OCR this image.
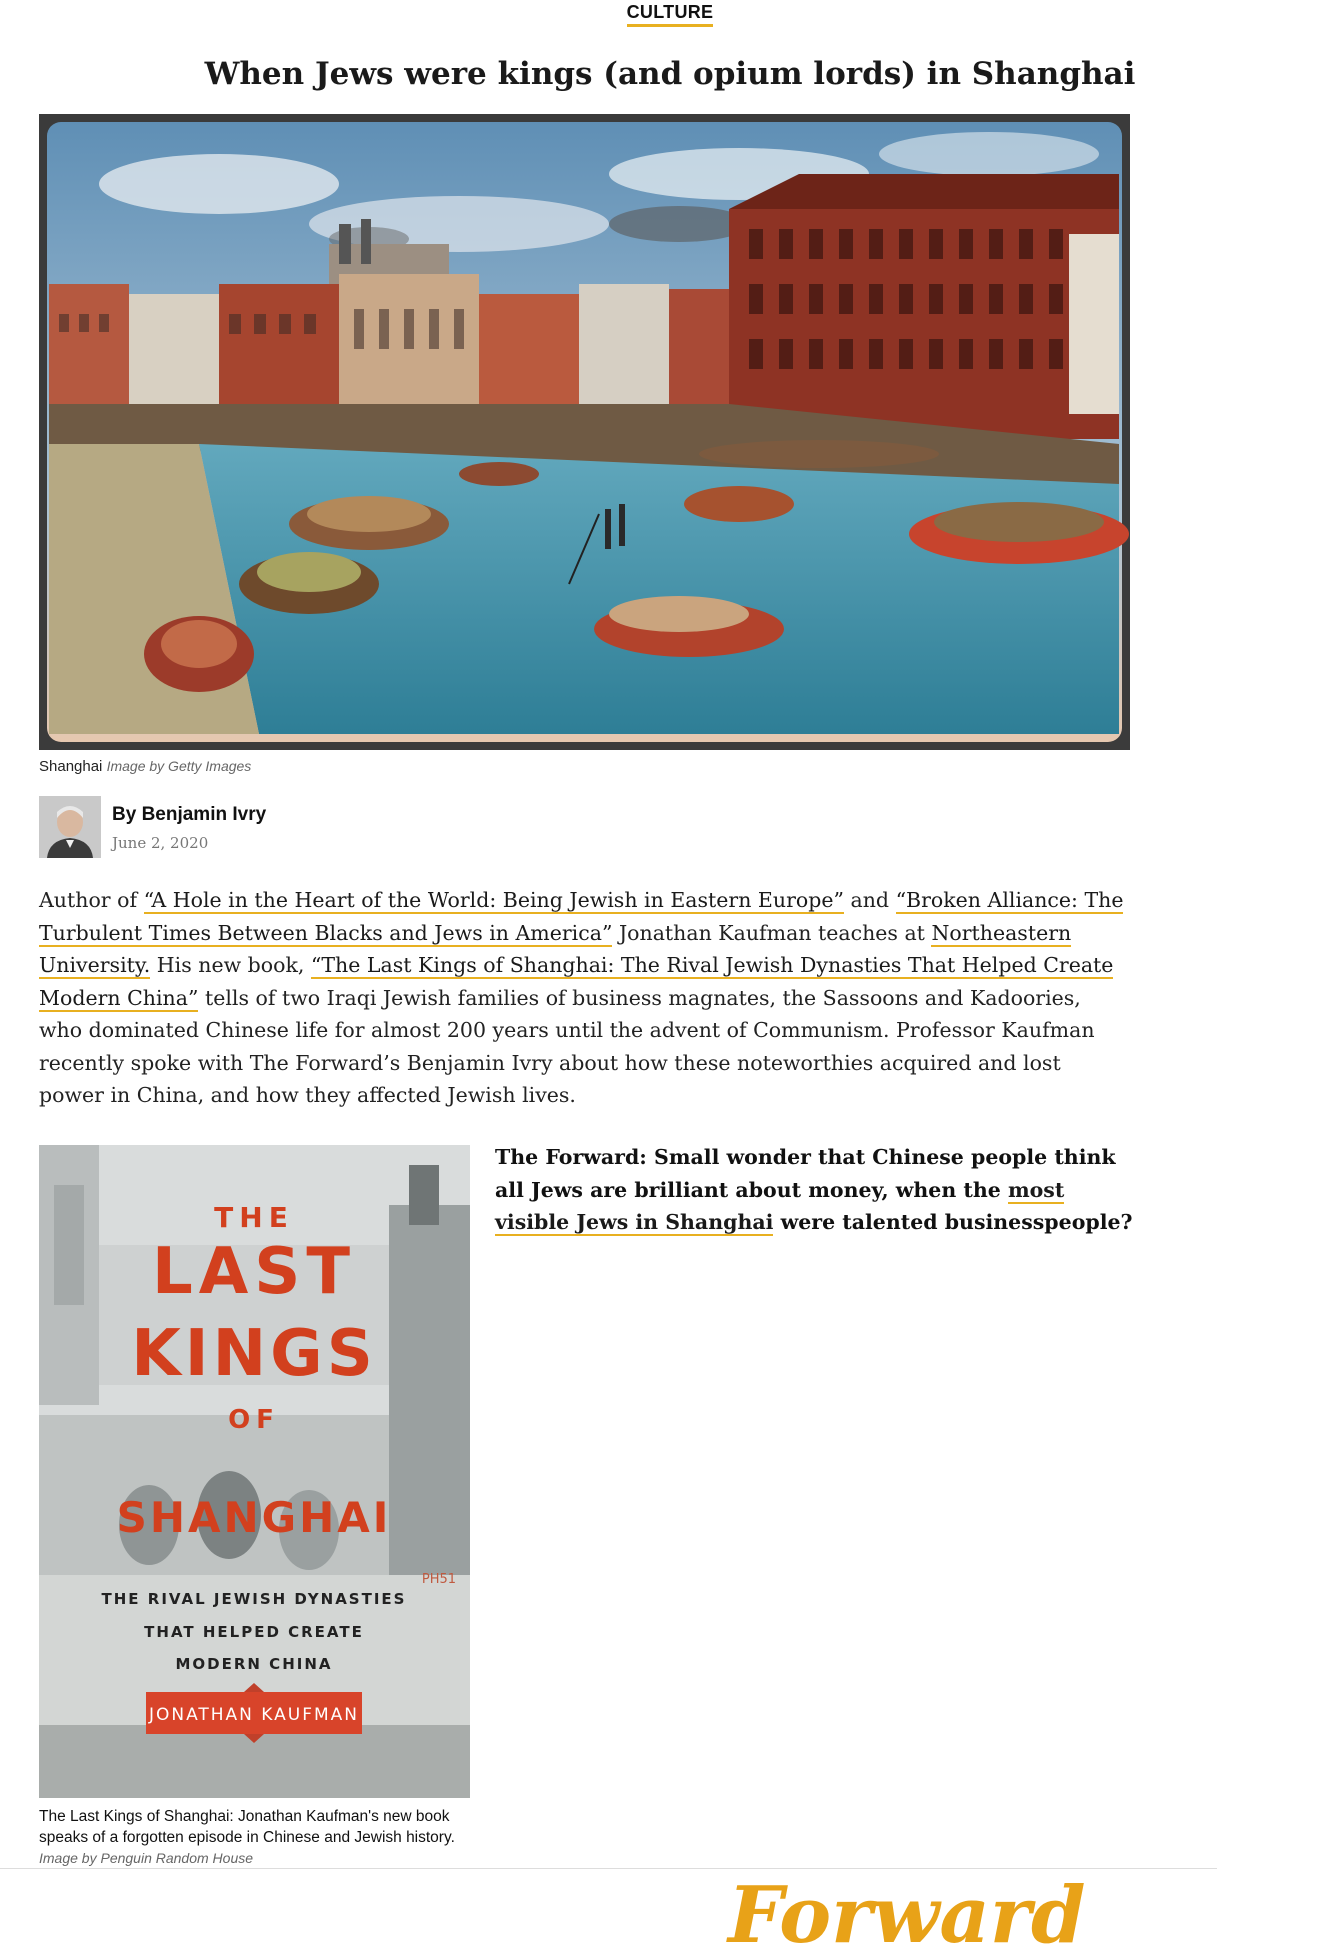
CULTURE
When Jews were kings (and opium lords) in Shanghai
Shanghai Image by Getty Images
By Benjamin Ivry
June 2, 2020

Author of “A Hole in the Heart of the World: Being Jewish in Eastern Europe” and “Broken Alliance: The Turbulent Times Between Blacks and Jews in America” Jonathan Kaufman teaches at Northeastern University. His new book, “The Last Kings of Shanghai: The Rival Jewish Dynasties That Helped Create Modern China” tells of two Iraqi Jewish families of business magnates, the Sassoons and Kadoories, who dominated Chinese life for almost 200 years until the advent of Communism. Professor Kaufman recently spoke with The Forward’s Benjamin Ivry about how these noteworthies acquired and lost power in China, and how they affected Jewish lives.

THE
LAST
KINGS
OF
SHANGHAI
PH51
THE RIVAL JEWISH DYNASTIES
THAT HELPED CREATE
MODERN CHINA
JONATHAN KAUFMAN
The Last Kings of Shanghai: Jonathan Kaufman's new book speaks of a forgotten episode in Chinese and Jewish history. Image by Penguin Random House

The Forward: Small wonder that Chinese people think all Jews are brilliant about money, when the most visible Jews in Shanghai were talented businesspeople?

Forward
